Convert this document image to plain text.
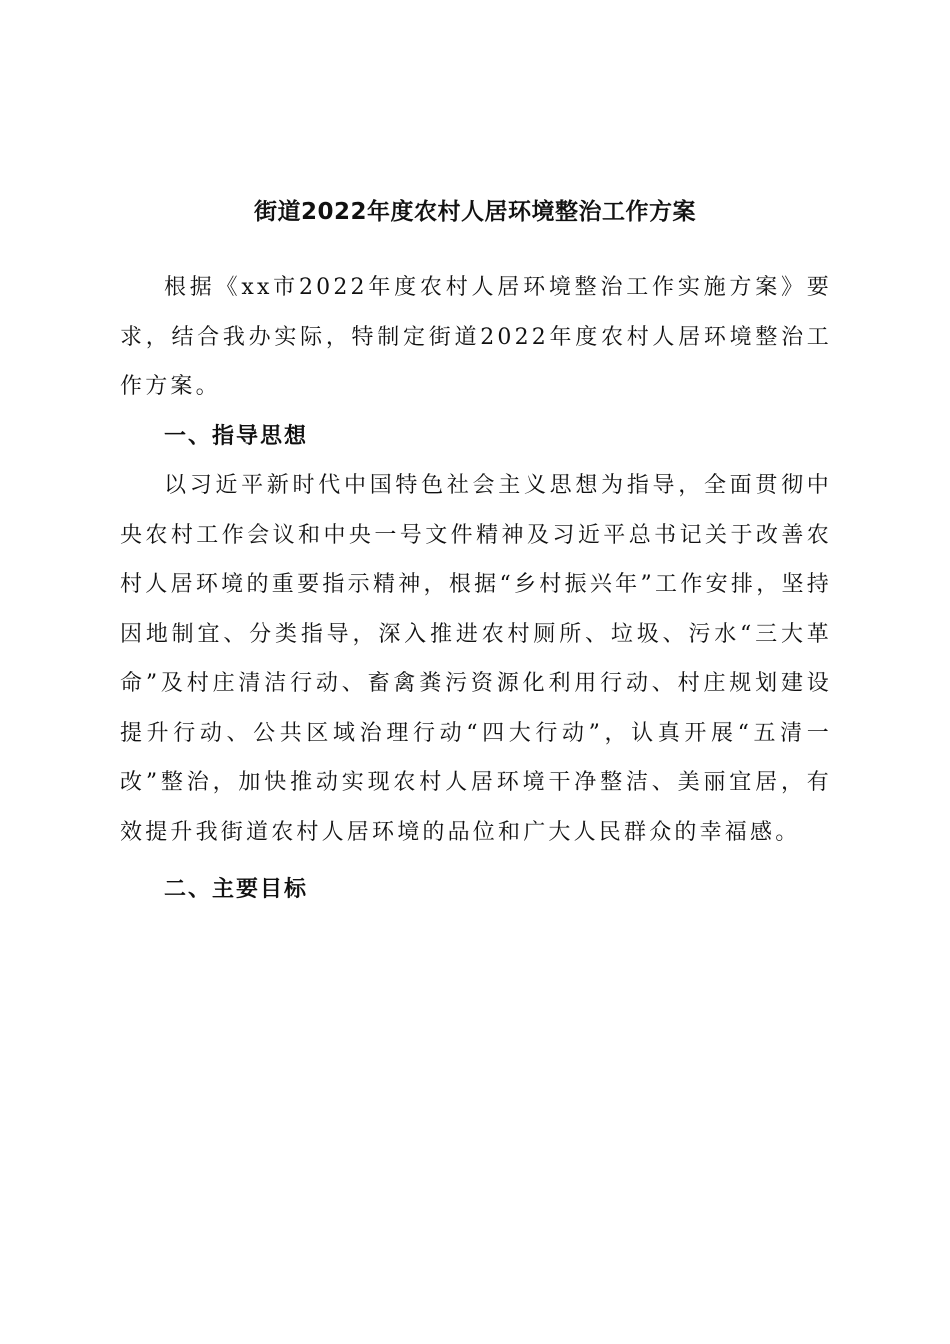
街道2022年度农村人居环境整治工作方案

根据《xx市2022年度农村人居环境整治工作实施方案》要求，结合我办实际，特制定街道2022年度农村人居环境整治工作方案。

一、指导思想

以习近平新时代中国特色社会主义思想为指导，全面贯彻中央农村工作会议和中央一号文件精神及习近平总书记关于改善农村人居环境的重要指示精神，根据“乡村振兴年”工作安排，坚持因地制宜、分类指导，深入推进农村厕所、垃圾、污水“三大革命”及村庄清洁行动、畜禽粪污资源化利用行动、村庄规划建设提升行动、公共区域治理行动“四大行动”，认真开展“五清一改”整治，加快推动实现农村人居环境干净整洁、美丽宜居，有效提升我街道农村人居环境的品位和广大人民群众的幸福感。

二、主要目标
